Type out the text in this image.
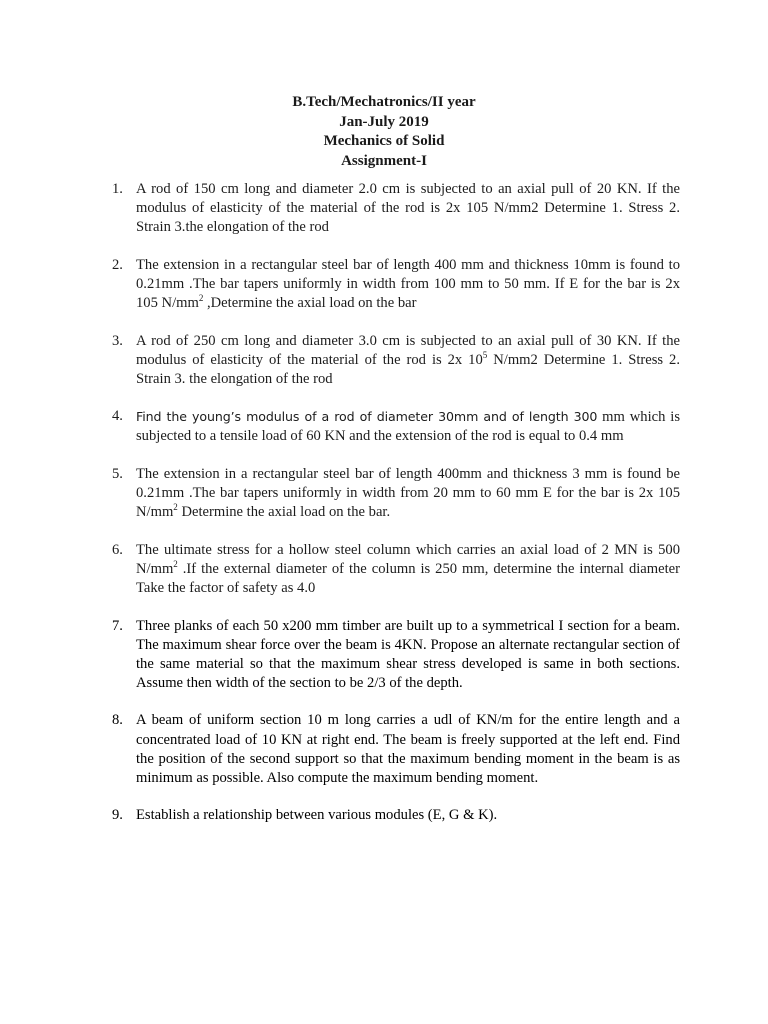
B.Tech/Mechatronics/II year
Jan-July 2019
Mechanics of Solid
Assignment-I
1. A rod of 150 cm long and diameter 2.0 cm is subjected to an axial pull of 20 KN. If the modulus of elasticity of the material of the rod is 2x 105 N/mm2 Determine 1. Stress 2. Strain 3.the elongation of the rod
2. The extension in a rectangular steel bar of length 400 mm and thickness 10mm is found to 0.21mm .The bar tapers uniformly in width from 100 mm to 50 mm. If E for the bar is 2x 105 $N/mm^2$ ,Determine the axial load on the bar
3. A rod of 250 cm long and diameter 3.0 cm is subjected to an axial pull of 30 KN. If the modulus of elasticity of the material of the rod is 2x $10^5$ N/mm2 Determine 1. Stress 2. Strain 3. the elongation of the rod
4. Find the young’s modulus of a rod of diameter 30mm and of length 300 mm which is subjected to a tensile load of 60 KN and the extension of the rod is equal to 0.4 mm
5. The extension in a rectangular steel bar of length 400mm and thickness 3 mm is found be 0.21mm .The bar tapers uniformly in width from 20 mm to 60 mm E for the bar is 2x 105 $N/mm^2$ Determine the axial load on the bar.
6. The ultimate stress for a hollow steel column which carries an axial load of 2 MN is 500 $N/mm^2$ .If the external diameter of the column is 250 mm, determine the internal diameter Take the factor of safety as 4.0
7. Three planks of each 50 x200 mm timber are built up to a symmetrical I section for a beam. The maximum shear force over the beam is 4KN. Propose an alternate rectangular section of the same material so that the maximum shear stress developed is same in both sections. Assume then width of the section to be 2/3 of the depth.
8. A beam of uniform section 10 m long carries a udl of KN/m for the entire length and a concentrated load of 10 KN at right end. The beam is freely supported at the left end. Find the position of the second support so that the maximum bending moment in the beam is as minimum as possible. Also compute the maximum bending moment.
9. Establish a relationship between various modules (E, G & K).
